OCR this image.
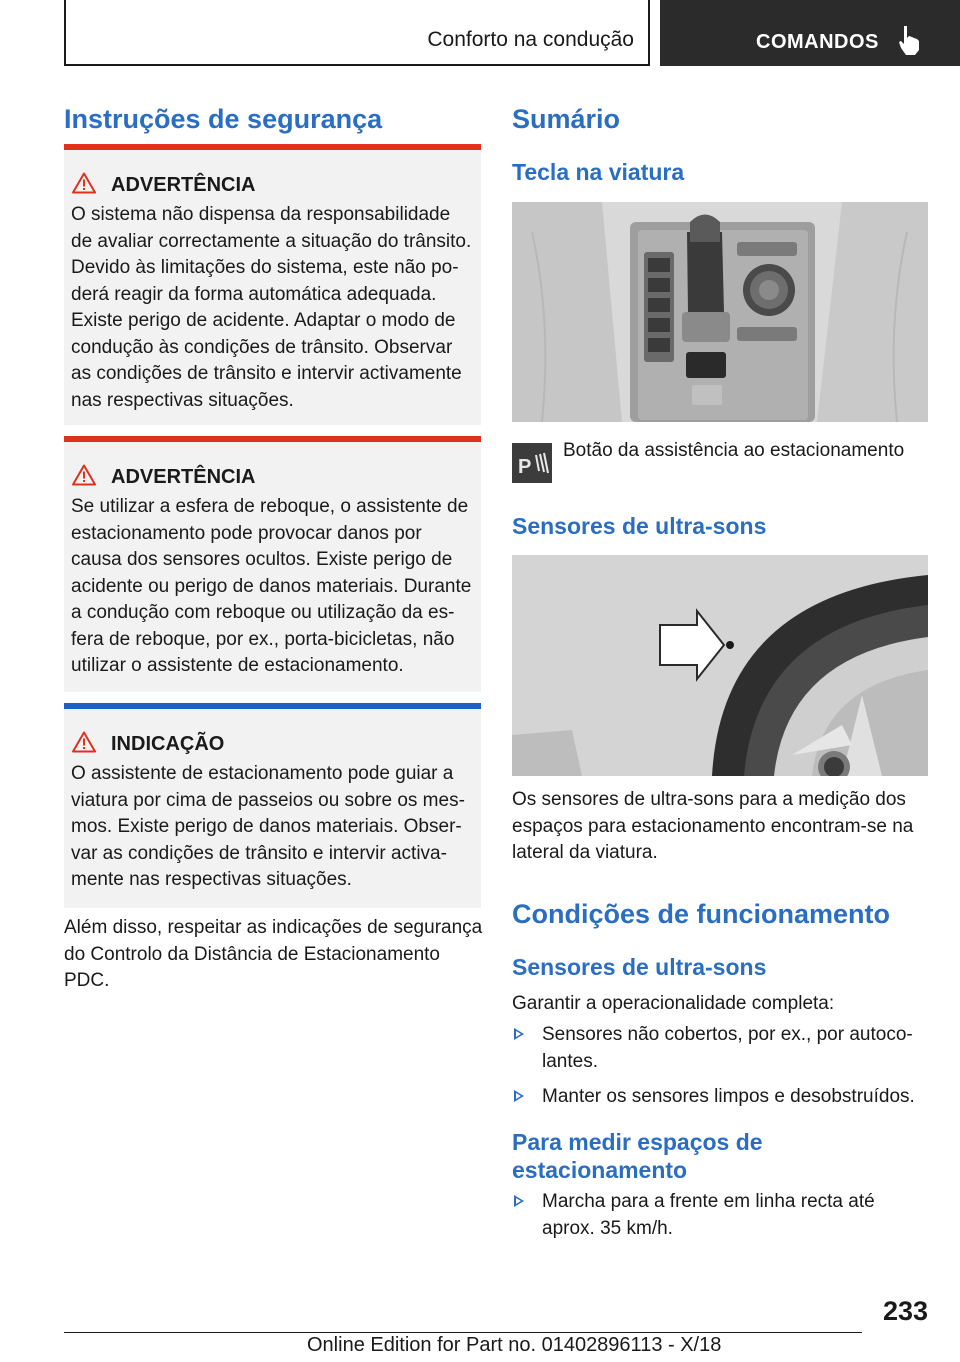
Conforto na condução	COMANDOS
Instruções de segurança
ADVERTÊNCIA
O sistema não dispensa da responsabilidade
de avaliar correctamente a situação do trânsito.
Devido às limitações do sistema, este não po‐
derá reagir da forma automática adequada.
Existe perigo de acidente. Adaptar o modo de
condução às condições de trânsito. Observar
as condições de trânsito e intervir activamente
nas respectivas situações.
ADVERTÊNCIA
Se utilizar a esfera de reboque, o assistente de
estacionamento pode provocar danos por
causa dos sensores ocultos. Existe perigo de
acidente ou perigo de danos materiais. Durante
a condução com reboque ou utilização da es‐
fera de reboque, por ex., porta-bicicletas, não
utilizar o assistente de estacionamento.
INDICAÇÃO
O assistente de estacionamento pode guiar a
viatura por cima de passeios ou sobre os mes‐
mos. Existe perigo de danos materiais. Obser‐
var as condições de trânsito e intervir activa‐
mente nas respectivas situações.

Além disso, respeitar as indicações de segurança
do Controlo da Distância de Estacionamento
PDC.

Sumário
Tecla na viatura
P
Botão da assistência ao estacionamento
Sensores de ultra-sons

Os sensores de ultra-sons para a medição dos
espaços para estacionamento encontram-se na
lateral da viatura.

Condições de funcionamento
Sensores de ultra-sons

Garantir a operacionalidade completa:

Sensores não cobertos, por ex., por autoco‐
lantes.
Manter os sensores limpos e desobstruídos.
Para medir espaços de
estacionamento
Marcha para a frente em linha recta até
aprox. 35 km/h.
233
Online Edition for Part no. 01402896113 - X/18
